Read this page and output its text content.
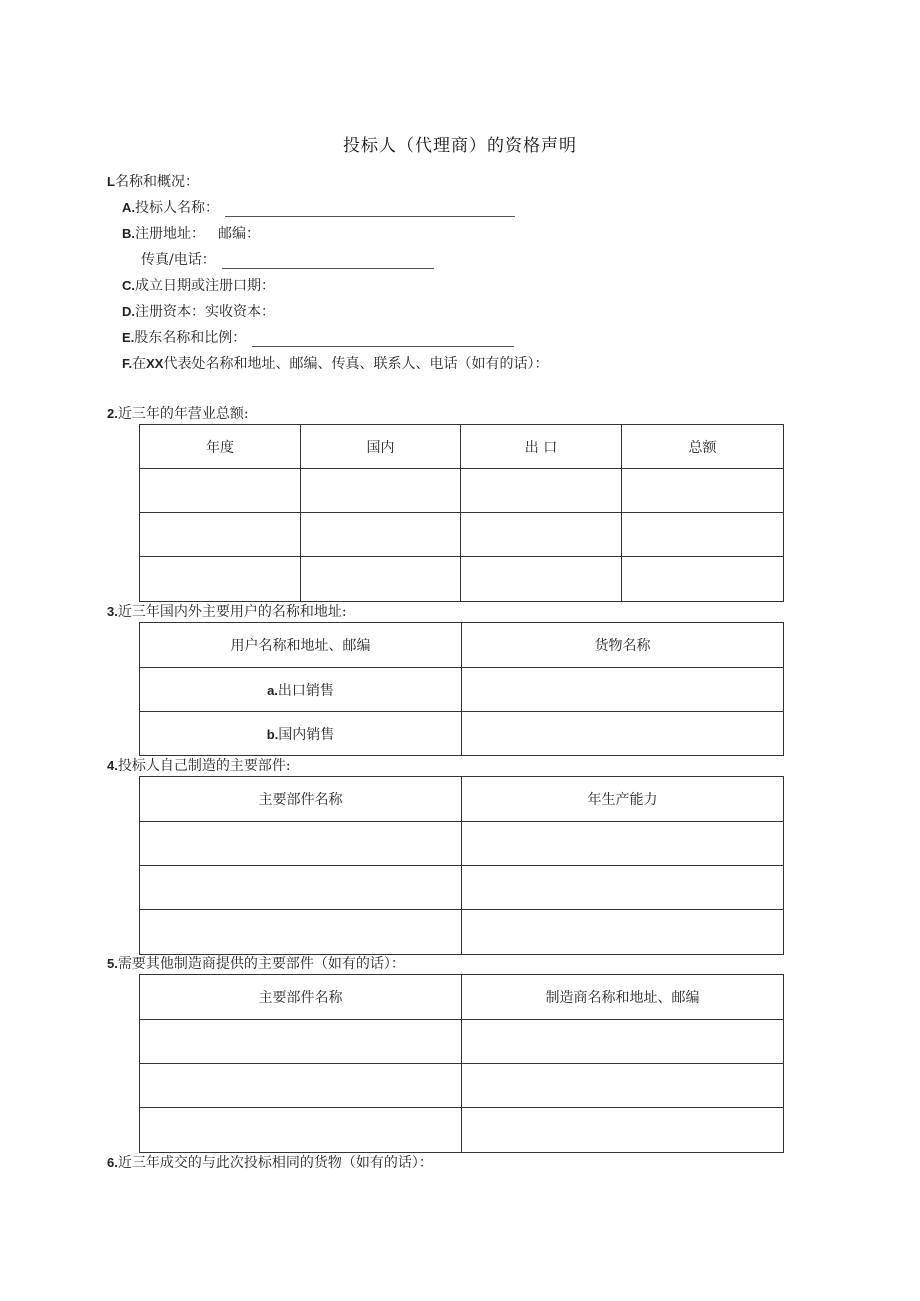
投标人（代理商）的资格声明
L名称和概况：
A.投标人名称：
B.注册地址： 邮编：
传真/电话：
C.成立日期或注册口期：
D.注册资本：实收资本：
E.股东名称和比例：
F.在XX代表处名称和地址、邮编、传真、联系人、电话（如有的话）：
2.近三年的年营业总额:
年度	国内	出 口	总额

3.近三年国内外主要用户的名称和地址:
用户名称和地址、邮编	货物名称
a.出口销售	
b.国内销售	
4.投标人自己制造的主要部件:
主要部件名称	年生产能力

5.需要其他制造商提供的主要部件（如有的话）：
主要部件名称	制造商名称和地址、邮编

6.近三年成交的与此次投标相同的货物（如有的话）：
